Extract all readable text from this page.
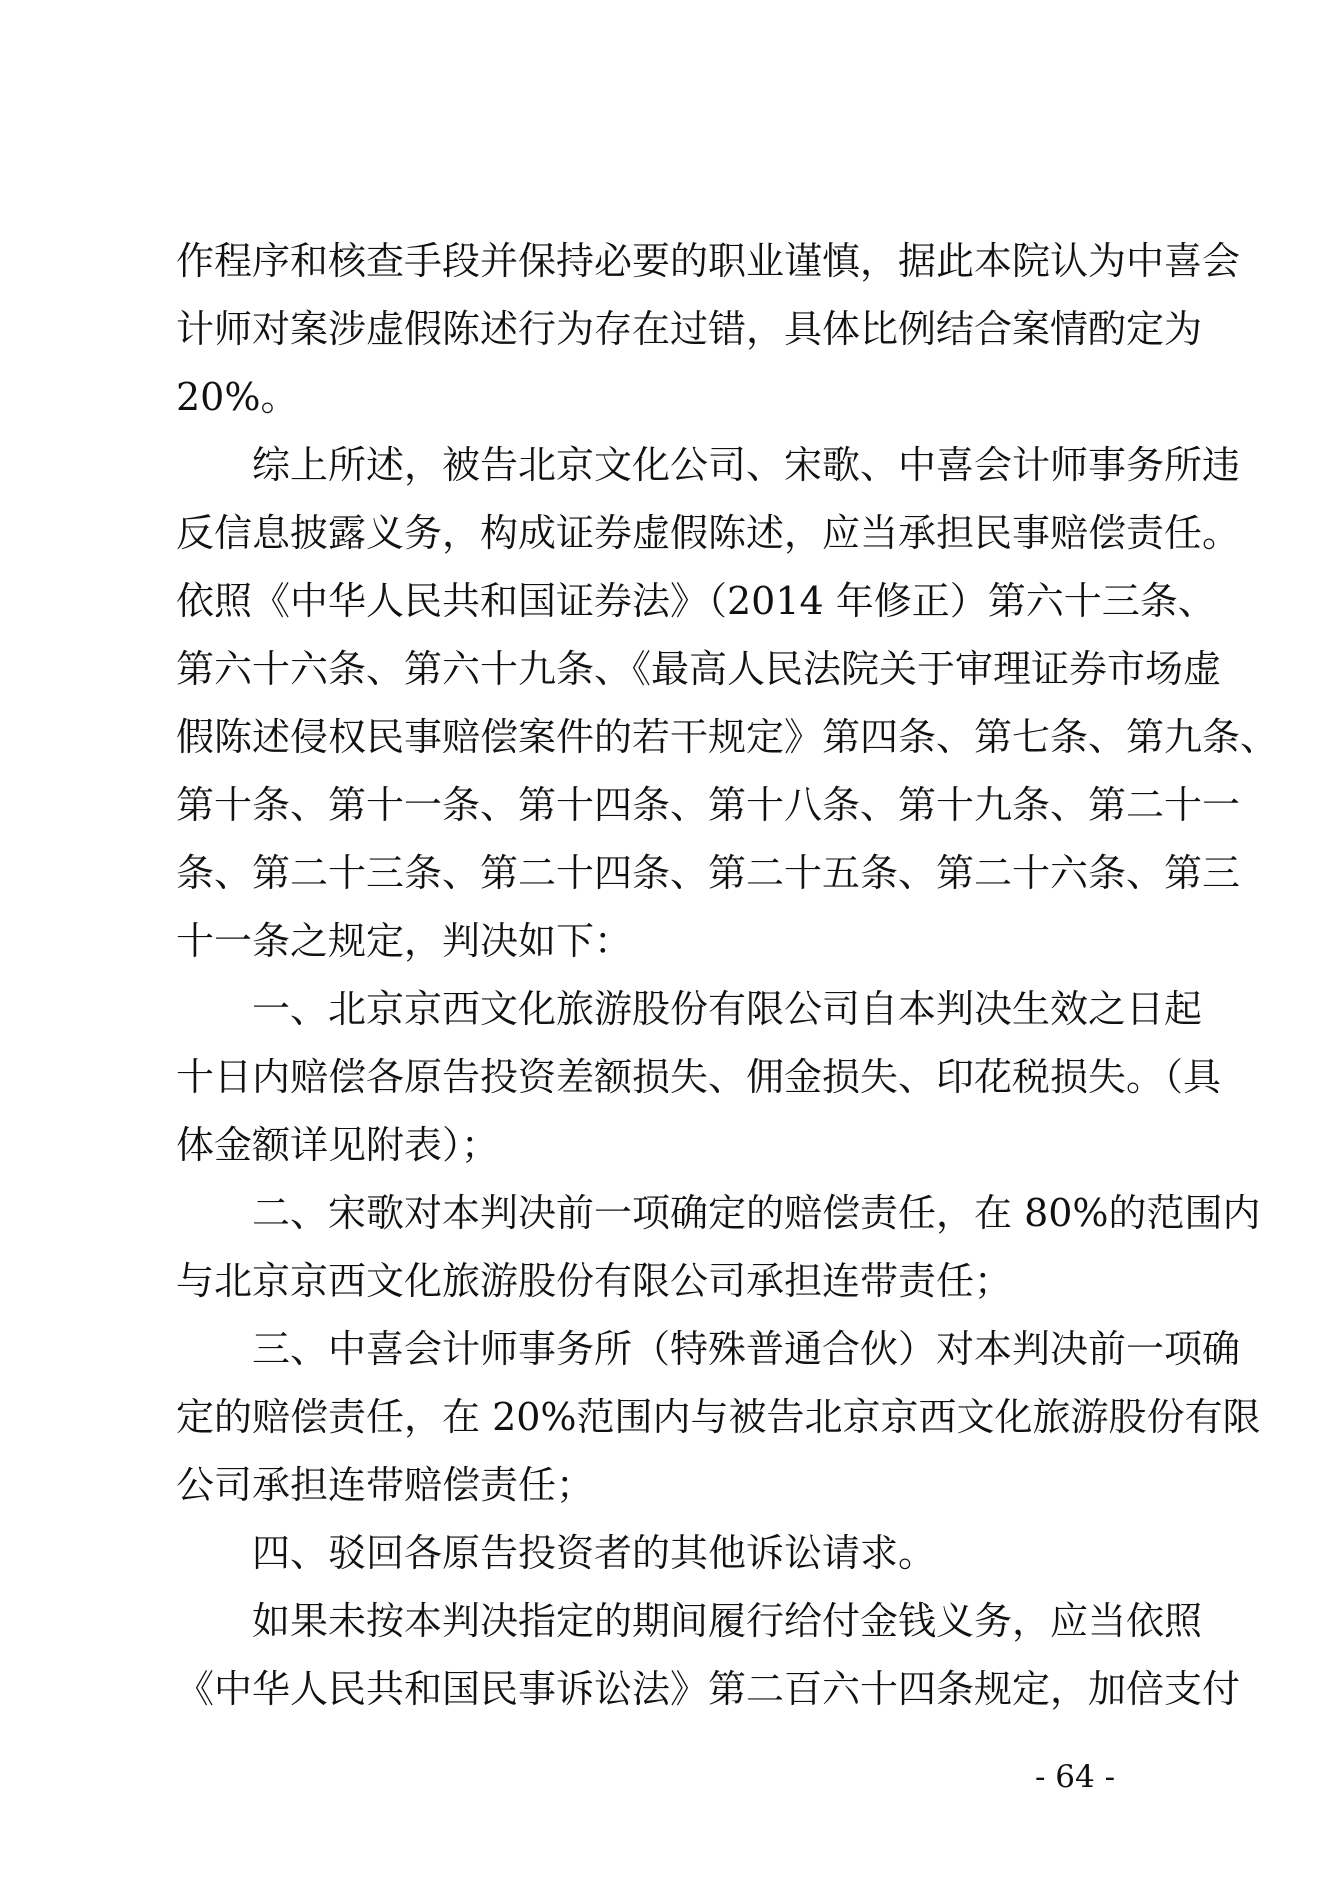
作程序和核查手段并保持必要的职业谨慎，据此本院认为中喜会
计师对案涉虚假陈述行为存在过错，具体比例结合案情酌定为
20%。
综上所述，被告北京文化公司、宋歌、中喜会计师事务所违
反信息披露义务，构成证券虚假陈述，应当承担民事赔偿责任。
依照《中华人民共和国证券法》（2014 年修正）第六十三条、
第六十六条、第六十九条、《最高人民法院关于审理证券市场虚
假陈述侵权民事赔偿案件的若干规定》第四条、第七条、第九条、
第十条、第十一条、第十四条、第十八条、第十九条、第二十一
条、第二十三条、第二十四条、第二十五条、第二十六条、第三
十一条之规定，判决如下：
一、北京京西文化旅游股份有限公司自本判决生效之日起
十日内赔偿各原告投资差额损失、佣金损失、印花税损失。（具
体金额详见附表）；
二、宋歌对本判决前一项确定的赔偿责任，在 80%的范围内
与北京京西文化旅游股份有限公司承担连带责任；
三、中喜会计师事务所（特殊普通合伙）对本判决前一项确
定的赔偿责任，在 20%范围内与被告北京京西文化旅游股份有限
公司承担连带赔偿责任；
四、驳回各原告投资者的其他诉讼请求。
如果未按本判决指定的期间履行给付金钱义务，应当依照
《中华人民共和国民事诉讼法》第二百六十四条规定，加倍支付
- 64 -
